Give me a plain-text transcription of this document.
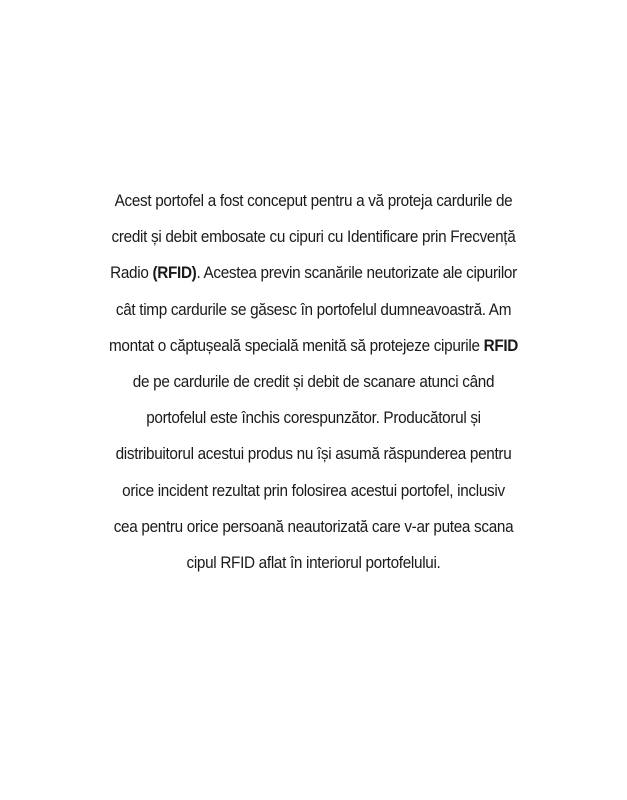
Acest portofel a fost conceput pentru a vă proteja cardurile de
credit și debit embosate cu cipuri cu Identificare prin Frecvență
Radio (RFID). Acestea previn scanările neutorizate ale cipurilor
cât timp cardurile se găsesc în portofelul dumneavoastră. Am
montat o căptușeală specială menită să protejeze cipurile RFID
de pe cardurile de credit și debit de scanare atunci când
portofelul este închis corespunzător. Producătorul și
distribuitorul acestui produs nu își asumă răspunderea pentru
orice incident rezultat prin folosirea acestui portofel, inclusiv
cea pentru orice persoană neautorizată care v-ar putea scana
cipul RFID aflat în interiorul portofelului.
